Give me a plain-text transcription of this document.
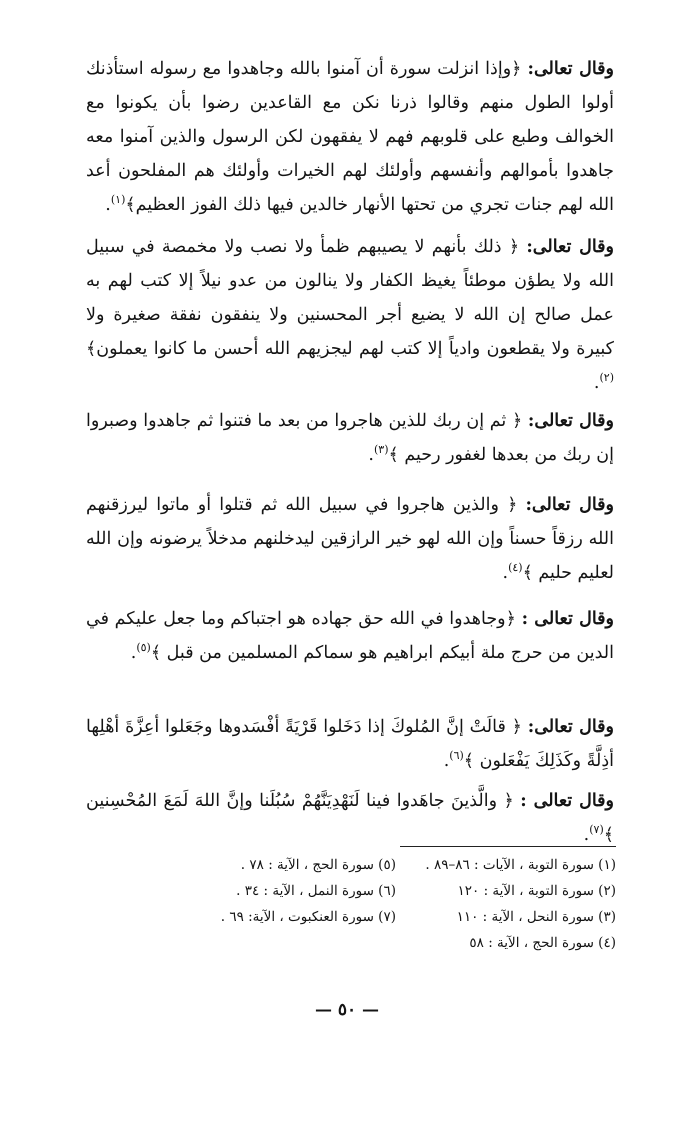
وقال تعالى: ﴿وإذا انزلت سورة أن آمنوا بالله وجاهدوا مع رسوله استأذنك أولوا الطول منهم وقالوا ذرنا نكن مع القاعدين رضوا بأن يكونوا مع الخوالف وطبع على قلوبهم فهم لا يفقهون لكن الرسول والذين آمنوا معه جاهدوا بأموالهم وأنفسهم وأولئك لهم الخيرات وأولئك هم المفلحون أعد الله لهم جنات تجري من تحتها الأنهار خالدين فيها ذلك الفوز العظيم﴾$^{(١)}$.

وقال تعالى: ﴿ ذلك بأنهم لا يصيبهم ظمأ ولا نصب ولا مخمصة في سبيل الله ولا يطؤن موطئاً يغيظ الكفار ولا ينالون من عدو نيلاً إلا كتب لهم به عمل صالح إن الله لا يضيع أجر المحسنين ولا ينفقون نفقة صغيرة ولا كبيرة ولا يقطعون وادياً إلا كتب لهم ليجزيهم الله أحسن ما كانوا يعملون﴾$^{(٢)}$.

وقال تعالى: ﴿ ثم إن ربك للذين هاجروا من بعد ما فتنوا ثم جاهدوا وصبروا إن ربك من بعدها لغفور رحيم ﴾$^{(٣)}$.

وقال تعالى: ﴿ والذين هاجروا في سبيل الله ثم قتلوا أو ماتوا ليرزقنهم الله رزقاً حسناً وإن الله لهو خير الرازقين ليدخلنهم مدخلاً يرضونه وإن الله لعليم حليم ﴾$^{(٤)}$.

وقال تعالى : ﴿وجاهدوا في الله حق جهاده هو اجتباكم وما جعل عليكم في الدين من حرج ملة أبيكم ابراهيم هو سماكم المسلمين من قبل ﴾$^{(٥)}$.

وقال تعالى: ﴿ قالَتْ إنَّ المُلوكَ إذا دَخَلوا قَرْيَةً أفْسَدوها وجَعَلوا أعِزَّةَ أهْلِها أذِلَّةً وكَذَلِكَ يَفْعَلون ﴾$^{(٦)}$.

وقال تعالى : ﴿ والَّذينَ جاهَدوا فينا لَنَهْدِيَنَّهُمْ سُبُلَنا وإنَّ اللهَ لَمَعَ المُحْسِنين ﴾$^{(٧)}$.

(١) سورة التوبة ، الآيات : ٨٦–٨٩ .
(٢) سورة التوبة ، الآية : ١٢٠
(٣) سورة النحل ، الآية : ١١٠
(٤) سورة الحج ، الآية : ٥٨
(٥) سورة الحج ، الآية : ٧٨ .
(٦) سورة النمل ، الآية : ٣٤ .
(٧) سورة العنكبوت ، الآية: ٦٩ .
— ٥٠ —
